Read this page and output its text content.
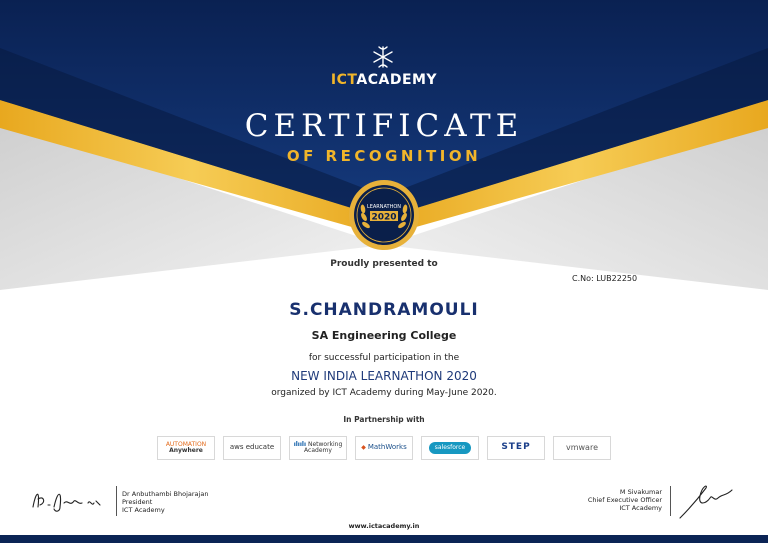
ICTACADEMY
CERTIFICATE
OF RECOGNITION
LEARNATHON
2020
Proudly presented to
C.No: LUB22250
S.CHANDRAMOULI
SA Engineering College
for successful participation in the
NEW INDIA LEARNATHON 2020
organized by ICT Academy during May-June 2020.
In Partnership with
AUTOMATION
Anywhere	aws educate	ılıılı Networking
Academy	◆
MathWorks	salesforce	STEP	vmware
Dr Anbuthambi Bhojarajan
President
ICT Academy
M Sivakumar
Chief Executive Officer
ICT Academy
www.ictacademy.in
